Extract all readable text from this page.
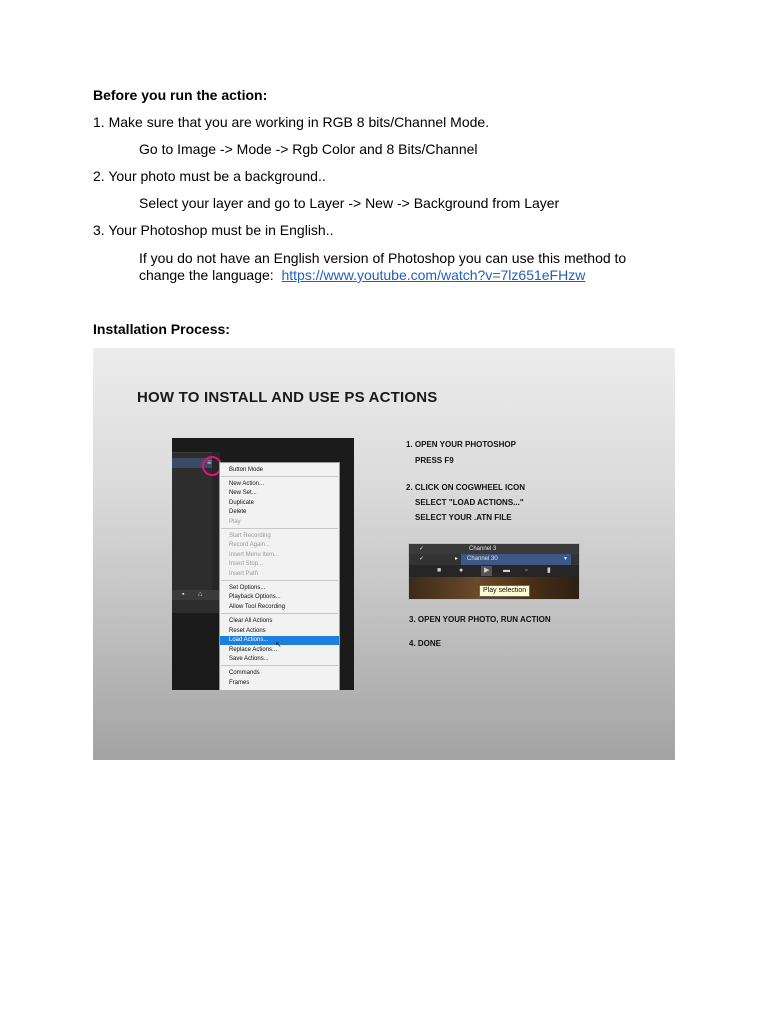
Before you run the action:
1. Make sure that you are working in RGB 8 bits/Channel Mode.
Go to Image -> Mode -> Rgb Color and 8 Bits/Channel
2. Your photo must be a background..
Select your layer and go to Layer -> New -> Background from Layer
3. Your Photoshop must be in English..
If you do not have an English version of Photoshop you can use this method to
change the language: https://www.youtube.com/watch?v=7lz651eFHzw
Installation Process:
HOW TO INSTALL AND USE PS ACTIONS
▪ ⌂
≡
Button Mode
New Action...
New Set...
Duplicate
Delete
Play
Start Recording
Record Again...
Insert Menu Item...
Insert Stop...
Insert Path
Set Options...
Playback Options...
Allow Tool Recording
Clear All Actions
Reset Actions
Load Actions...
Replace Actions...
Save Actions...
Commands
Frames
↖
1. OPEN YOUR PHOTOSHOP
PRESS F9
2. CLICK ON COGWHEEL ICON
SELECT "LOAD ACTIONS..."
SELECT YOUR .ATN FILE
✓	Channel 3
✓	▸ Channel 30	▾
■	●	▶	▬ ▫	▮
Play selection
3. OPEN YOUR PHOTO, RUN ACTION
4. DONE
